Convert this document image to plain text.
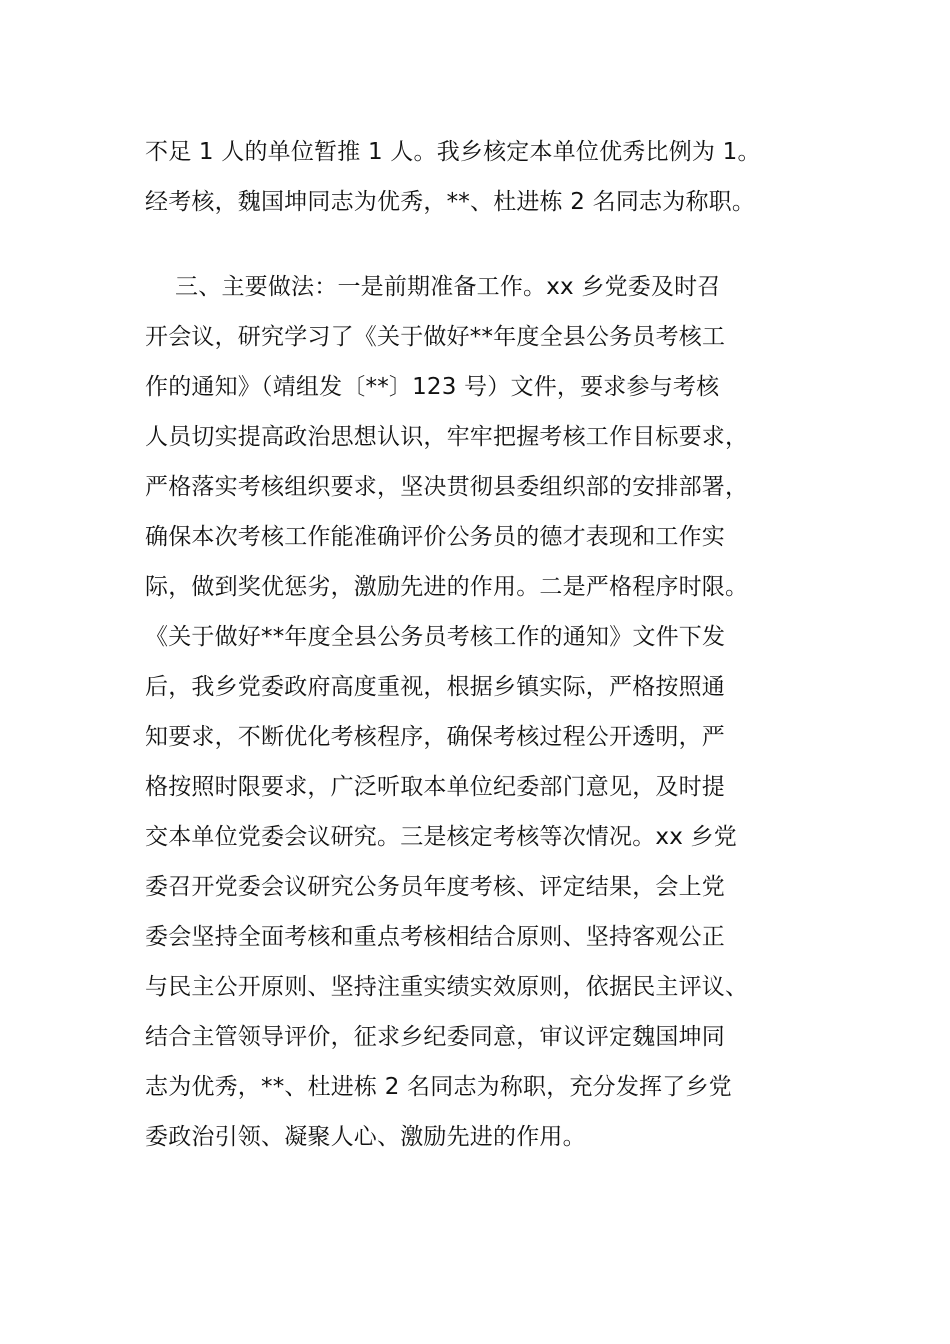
不足 1 人的单位暂推 1 人。我乡核定本单位优秀比例为 1。
经考核，魏国坤同志为优秀，**、杜进栋 2 名同志为称职。
三、主要做法：一是前期准备工作。xx 乡党委及时召
开会议，研究学习了《关于做好**年度全县公务员考核工
作的通知》（靖组发〔**〕123 号）文件，要求参与考核
人员切实提高政治思想认识，牢牢把握考核工作目标要求，
严格落实考核组织要求，坚决贯彻县委组织部的安排部署，
确保本次考核工作能准确评价公务员的德才表现和工作实
际，做到奖优惩劣，激励先进的作用。二是严格程序时限。
《关于做好**年度全县公务员考核工作的通知》文件下发
后，我乡党委政府高度重视，根据乡镇实际，严格按照通
知要求，不断优化考核程序，确保考核过程公开透明，严
格按照时限要求，广泛听取本单位纪委部门意见，及时提
交本单位党委会议研究。三是核定考核等次情况。xx 乡党
委召开党委会议研究公务员年度考核、评定结果，会上党
委会坚持全面考核和重点考核相结合原则、坚持客观公正
与民主公开原则、坚持注重实绩实效原则，依据民主评议、
结合主管领导评价，征求乡纪委同意，审议评定魏国坤同
志为优秀，**、杜进栋 2 名同志为称职，充分发挥了乡党
委政治引领、凝聚人心、激励先进的作用。
